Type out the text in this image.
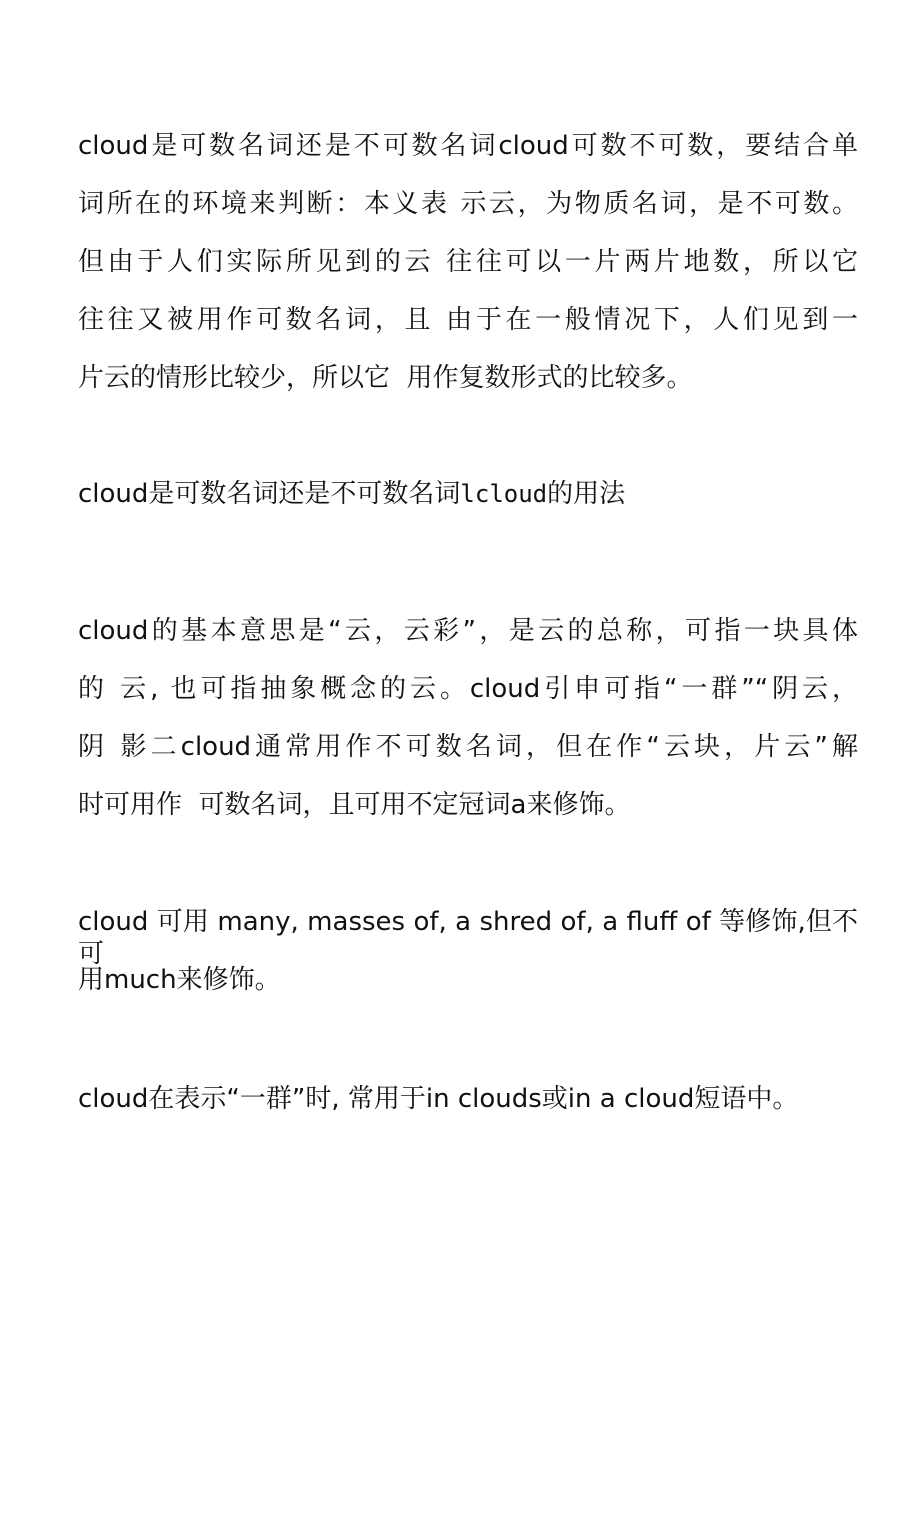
cloud是可数名词还是不可数名词cloud可数不可数，要结合单
词所在的环境来判断：本义表 示云，为物质名词，是不可数。
但由于人们实际所见到的云 往往可以一片两片地数，所以它
往往又被用作可数名词，且 由于在一般情况下，人们见到一
片云的情形比较少，所以它  用作复数形式的比较多。
cloud是可数名词还是不可数名词lcloud的用法
cloud的基本意思是“云，云彩”，是云的总称，可指一块具体
的 云, 也可指抽象概念的云。cloud引申可指“一群”“阴云，
阴 影二cloud通常用作不可数名词，但在作“云块，片云”解
时可用作  可数名词，且可用不定冠词a来修饰。
cloud 可用 many, masses of, a shred of, a fluff of 等修饰,但不可
用much来修饰。
cloud在表示“一群”时, 常用于in clouds或in a cloud短语中。
